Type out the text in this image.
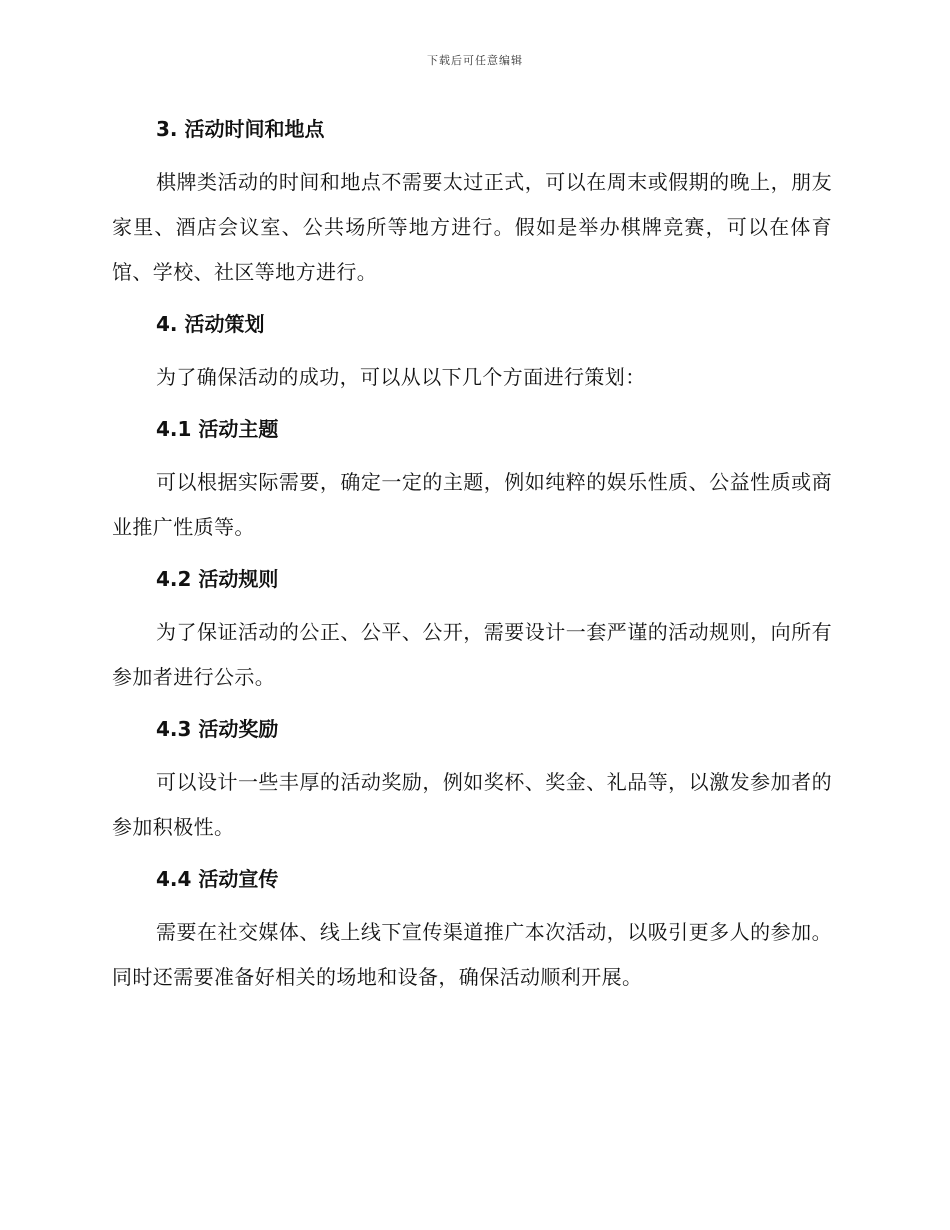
下载后可任意编辑
3. 活动时间和地点

棋牌类活动的时间和地点不需要太过正式，可以在周末或假期的晚上，朋友家里、酒店会议室、公共场所等地方进行。假如是举办棋牌竞赛，可以在体育馆、学校、社区等地方进行。

4. 活动策划

为了确保活动的成功，可以从以下几个方面进行策划：

4.1 活动主题

可以根据实际需要，确定一定的主题，例如纯粹的娱乐性质、公益性质或商业推广性质等。

4.2 活动规则

为了保证活动的公正、公平、公开，需要设计一套严谨的活动规则，向所有参加者进行公示。

4.3 活动奖励

可以设计一些丰厚的活动奖励，例如奖杯、奖金、礼品等，以激发参加者的参加积极性。

4.4 活动宣传

需要在社交媒体、线上线下宣传渠道推广本次活动，以吸引更多人的参加。同时还需要准备好相关的场地和设备，确保活动顺利开展。
